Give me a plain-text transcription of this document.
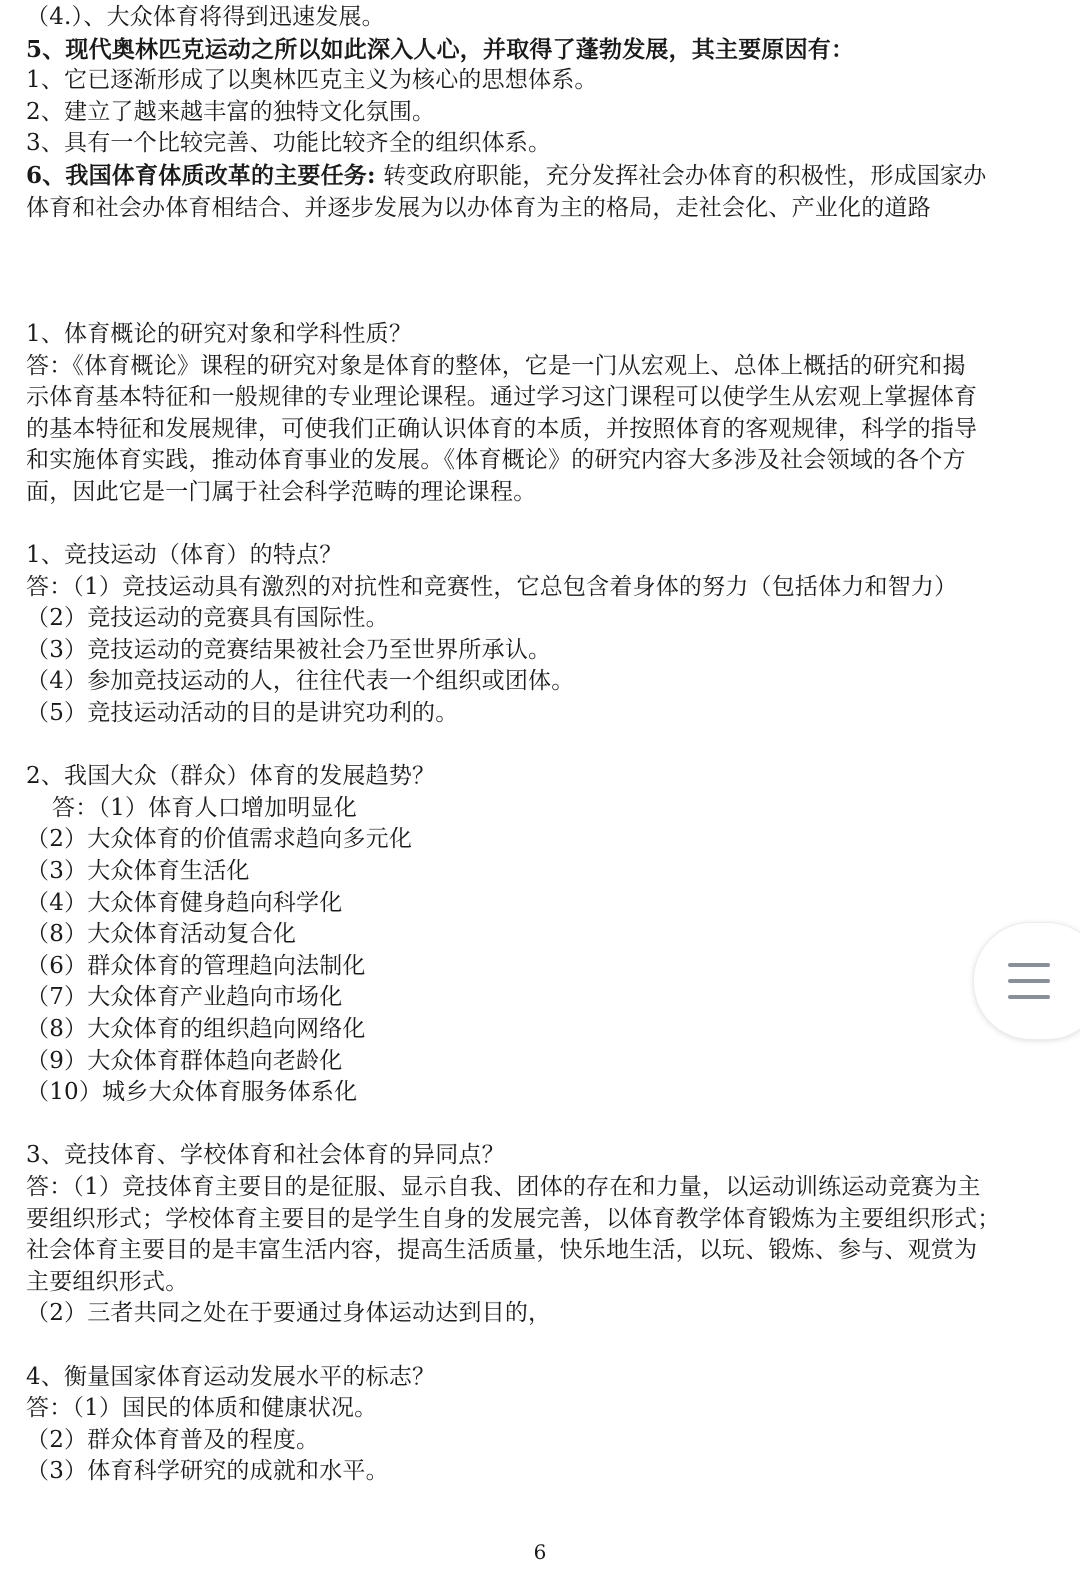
（4.）、大众体育将得到迅速发展。
5、现代奥林匹克运动之所以如此深入人心，并取得了蓬勃发展，其主要原因有：
1、它已逐渐形成了以奥林匹克主义为核心的思想体系。
2、建立了越来越丰富的独特文化氛围。
3、具有一个比较完善、功能比较齐全的组织体系。
6、我国体育体质改革的主要任务: 转变政府职能，充分发挥社会办体育的积极性，形成国家办
体育和社会办体育相结合、并逐步发展为以办体育为主的格局，走社会化、产业化的道路
1、体育概论的研究对象和学科性质？
答：《体育概论》课程的研究对象是体育的整体，它是一门从宏观上、总体上概括的研究和揭
示体育基本特征和一般规律的专业理论课程。通过学习这门课程可以使学生从宏观上掌握体育
的基本特征和发展规律，可使我们正确认识体育的本质，并按照体育的客观规律，科学的指导
和实施体育实践，推动体育事业的发展。《体育概论》的研究内容大多涉及社会领域的各个方
面，因此它是一门属于社会科学范畴的理论课程。
1、竞技运动（体育）的特点？
答：（1）竞技运动具有激烈的对抗性和竞赛性，它总包含着身体的努力（包括体力和智力）
（2）竞技运动的竞赛具有国际性。
（3）竞技运动的竞赛结果被社会乃至世界所承认。
（4）参加竞技运动的人，往往代表一个组织或团体。
（5）竞技运动活动的目的是讲究功利的。
2、我国大众（群众）体育的发展趋势？
答：（1）体育人口增加明显化
（2）大众体育的价值需求趋向多元化
（3）大众体育生活化
（4）大众体育健身趋向科学化
（8）大众体育活动复合化
（6）群众体育的管理趋向法制化
（7）大众体育产业趋向市场化
（8）大众体育的组织趋向网络化
（9）大众体育群体趋向老龄化
（10）城乡大众体育服务体系化
3、竞技体育、学校体育和社会体育的异同点？
答：（1）竞技体育主要目的是征服、显示自我、团体的存在和力量，以运动训练运动竞赛为主
要组织形式；学校体育主要目的是学生自身的发展完善，以体育教学体育锻炼为主要组织形式；
社会体育主要目的是丰富生活内容，提高生活质量，快乐地生活，以玩、锻炼、参与、观赏为
主要组织形式。
（2）三者共同之处在于要通过身体运动达到目的，
4、衡量国家体育运动发展水平的标志？
答：（1）国民的体质和健康状况。
（2）群众体育普及的程度。
（3）体育科学研究的成就和水平。
6
